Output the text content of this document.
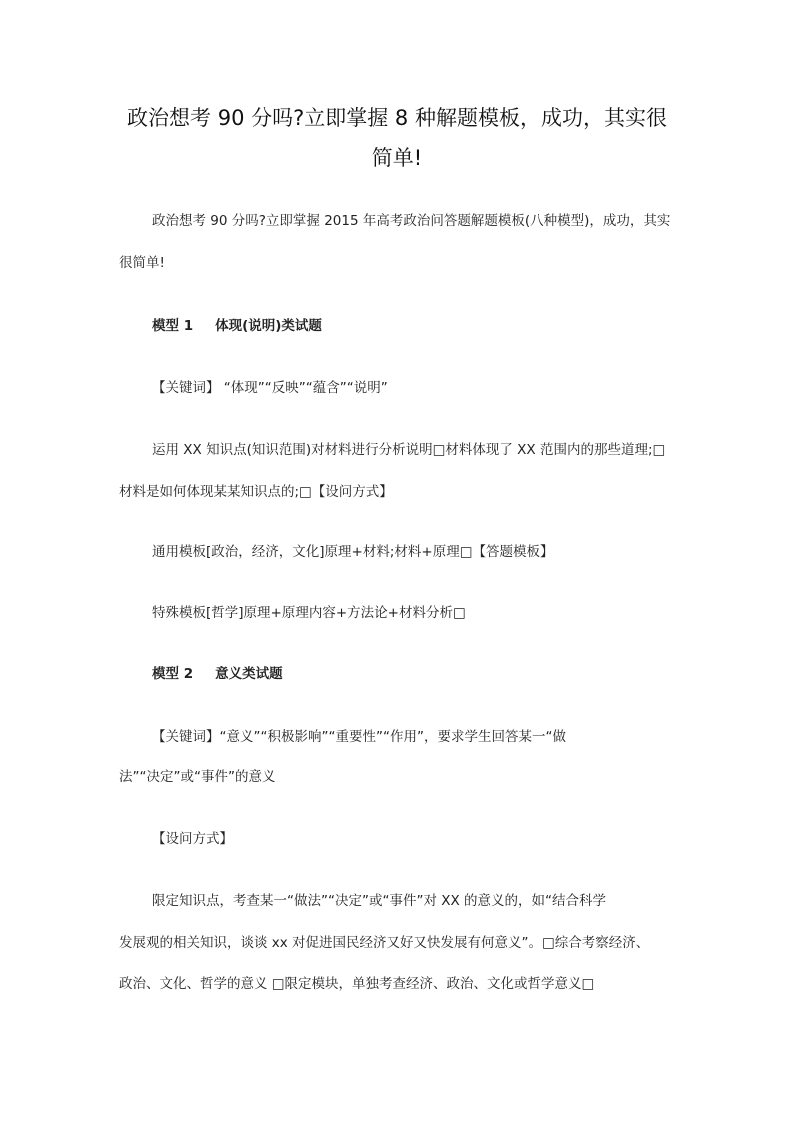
政治想考 90 分吗?立即掌握 8 种解题模板，成功，其实很
简单!

政治想考 90 分吗?立即掌握 2015 年高考政治问答题解题模板(八种模型)，成功，其实

很简单!

模型 1 体现(说明)类试题

【关键词】 “体现”“反映”“蕴含”“说明”

运用 XX 知识点(知识范围)对材料进行分析说明□材料体现了 XX 范围内的那些道理;□

材料是如何体现某某知识点的;□【设问方式】

通用模板[政治，经济，文化]原理+材料;材料+原理□【答题模板】

特殊模板[哲学]原理+原理内容+方法论+材料分析□

模型 2 意义类试题

【关键词】“意义”“积极影响”“重要性”“作用”，要求学生回答某一“做

法”“决定”或“事件”的意义

【设问方式】

限定知识点，考查某一“做法”“决定”或“事件”对 XX 的意义的，如“结合科学

发展观的相关知识，谈谈 xx 对促进国民经济又好又快发展有何意义”。□综合考察经济、

政治、文化、哲学的意义 □限定模块，单独考查经济、政治、文化或哲学意义□
